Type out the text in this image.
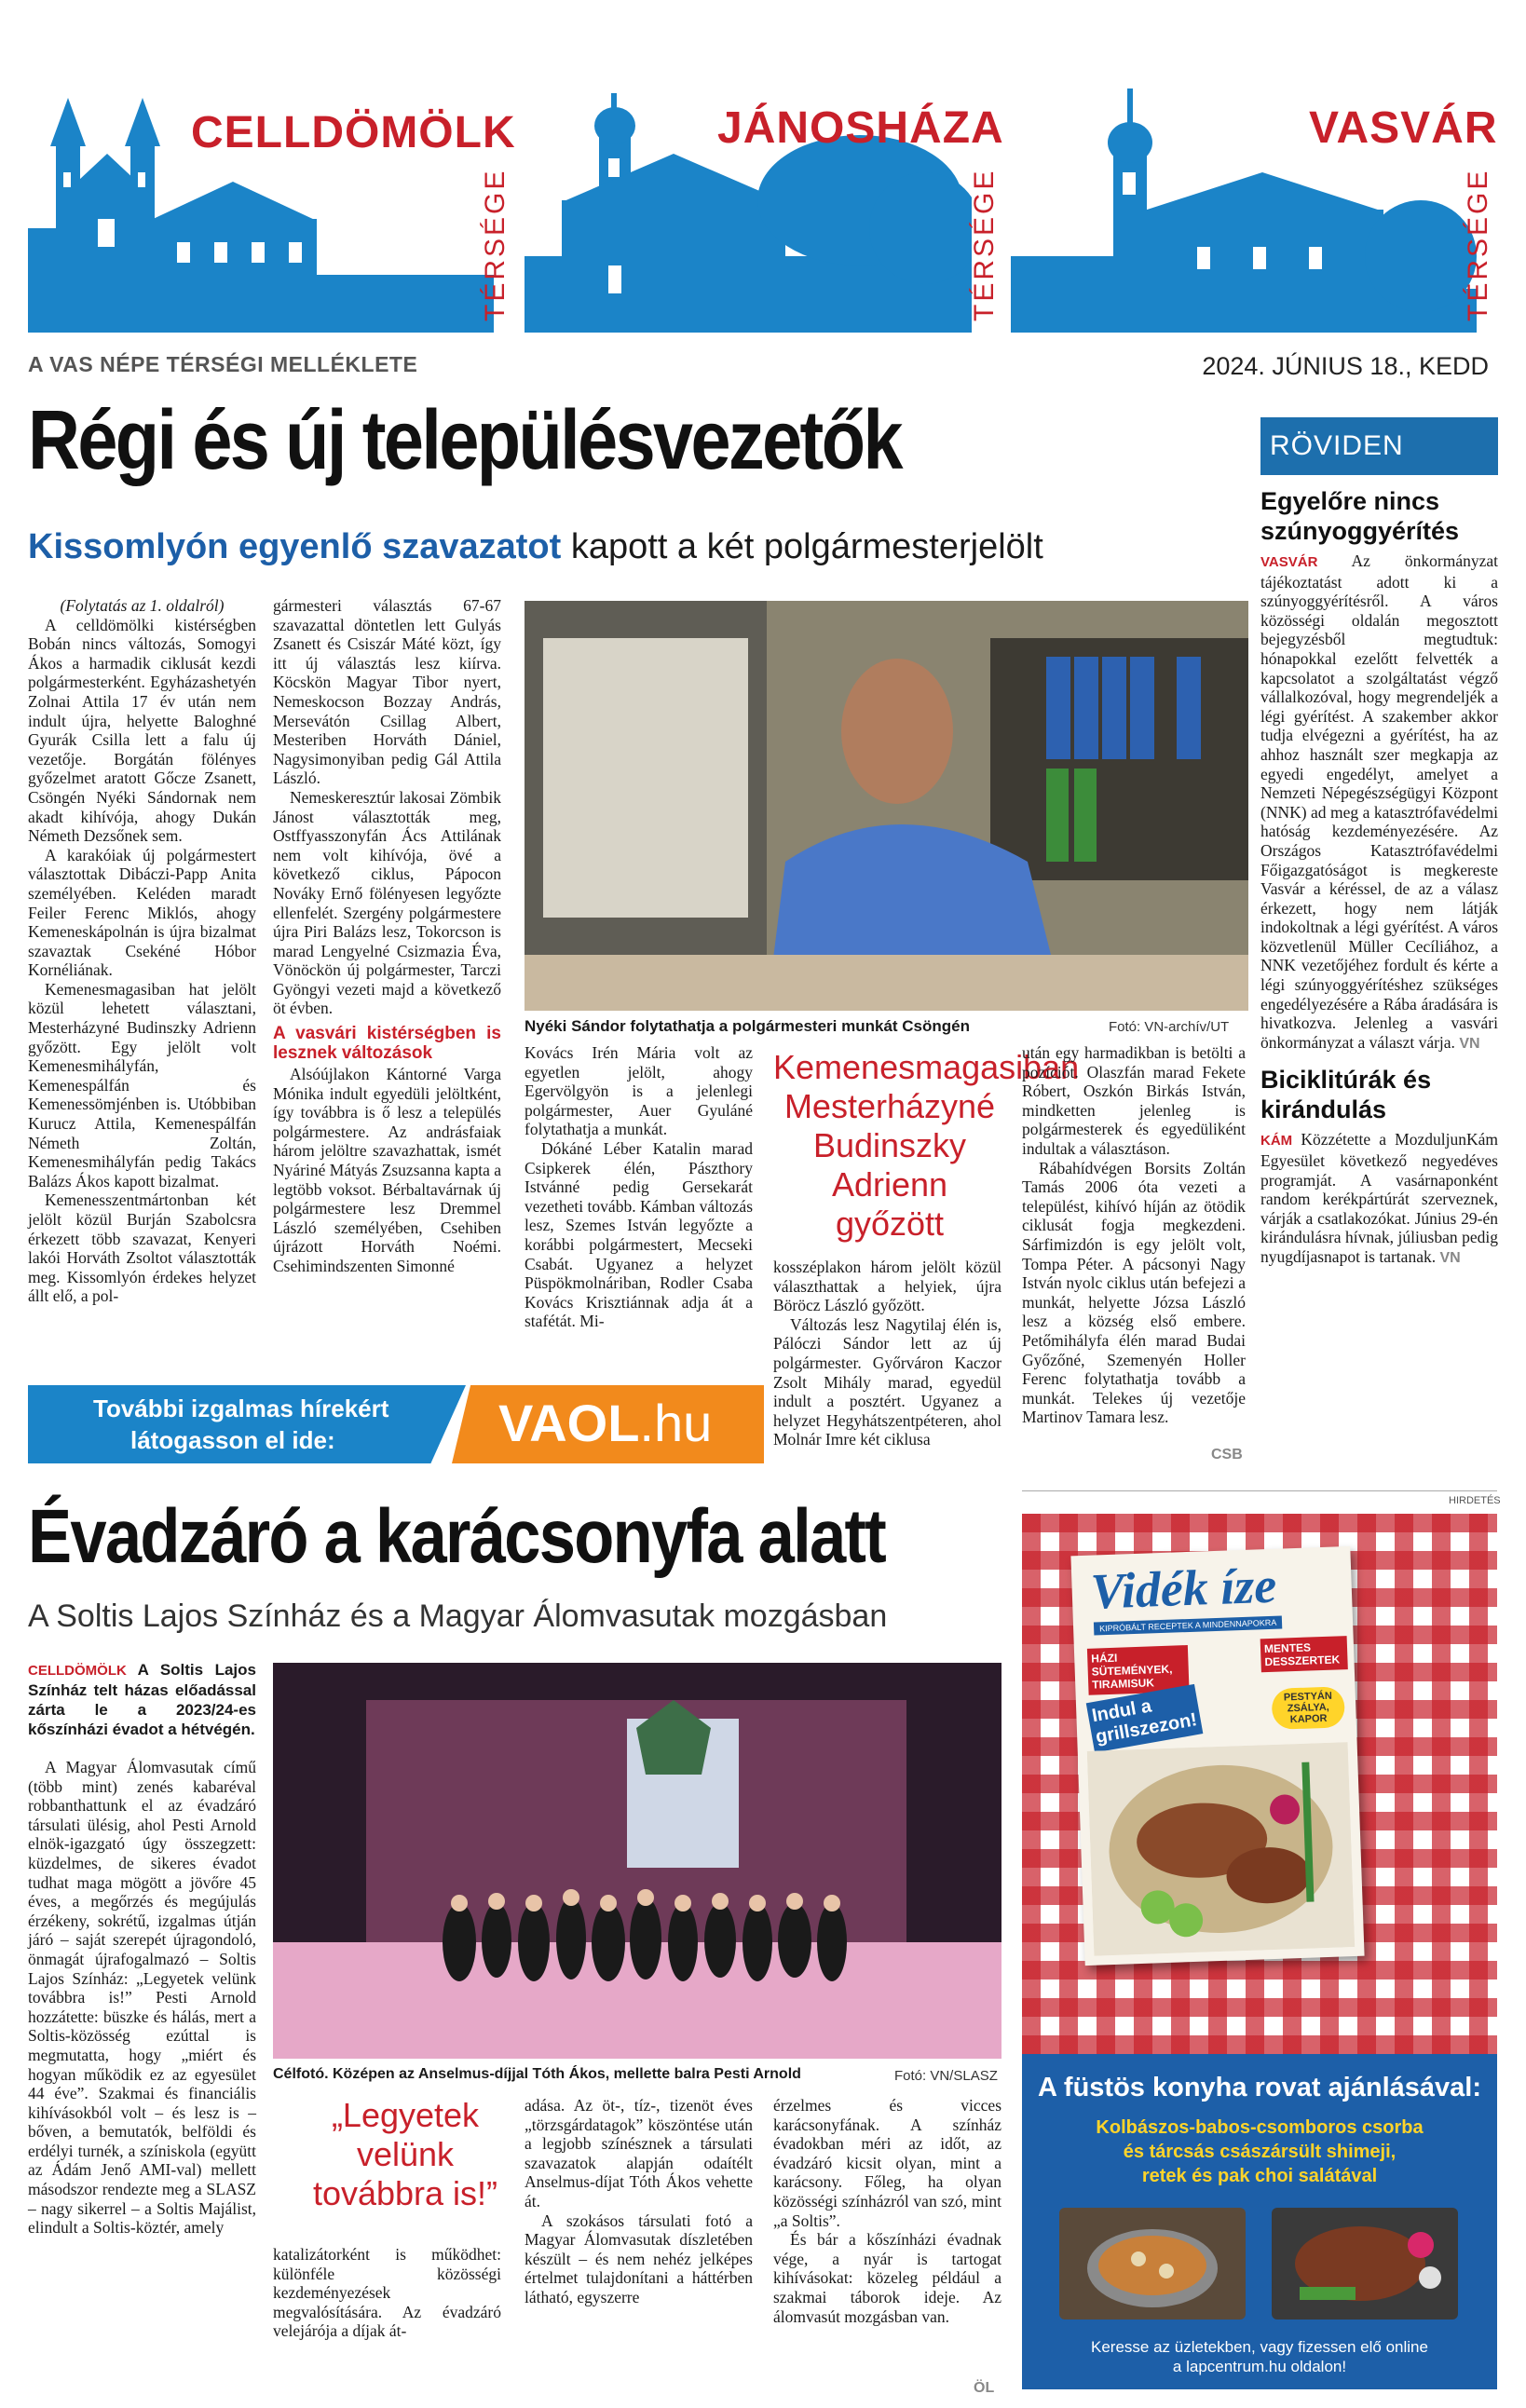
CELLDÖMÖLK
TÉRSÉGE
JÁNOSHÁZA
TÉRSÉGE
VASVÁR
TÉRSÉGE
A VAS NÉPE TÉRSÉGI MELLÉKLETE	2024. JÚNIUS 18., KEDD
Régi és új településvezetők
Kissomlyón egyenlő szavazatot kapott a két polgármesterjelölt

(Folytatás az 1. oldalról)

A celldömölki kistérségben Bobán nincs változás, Somogyi Ákos a harmadik ciklusát kezdi polgármesterként. Egyházashetyén Zolnai Attila 17 év után nem indult újra, helyette Baloghné Gyurák Csilla lett a falu új vezetője. Borgátán fölényes győzelmet aratott Gőcze Zsanett, Csöngén Nyéki Sándornak nem akadt kihívója, ahogy Dukán Németh Dezsőnek sem.

A karakóiak új polgármestert választottak Dibáczi-Papp Anita személyében. Keléden maradt Feiler Ferenc Miklós, ahogy Kemeneskápolnán is újra bizalmat szavaztak Csekéné Hóbor Kornéliának.

Kemenesmagasiban hat jelölt közül lehetett választani, Mesterházyné Budinszky Adrienn győzött. Egy jelölt volt Kemenesmihályfán, Kemenespálfán és Kemenessömjénben is. Utóbbiban Kurucz Attila, Kemenespálfán Németh Zoltán, Kemenesmihályfán pedig Takács Balázs Ákos kapott bizalmat.

Kemenesszentmártonban két jelölt közül Burján Szabolcsra érkezett több szavazat, Kenyeri lakói Horváth Zsoltot választották meg. Kissomlyón érdekes helyzet állt elő, a pol-

gármesteri választás 67-67 szavazattal döntetlen lett Gulyás Zsanett és Csiszár Máté közt, így itt új választás lesz kiírva. Köcskön Magyar Tibor nyert, Nemeskocson Bozzay András, Mersevátón Csillag Albert, Mesteriben Horváth Dániel, Nagysimonyiban pedig Gál Attila László.

Nemeskeresztúr lakosai Zömbik Jánost választották meg, Ostffyasszonyfán Ács Attilának nem volt kihívója, övé a következő ciklus, Pápocon Nováky Ernő fölényesen legyőzte ellenfelét. Szergény polgármestere újra Piri Balázs lesz, Tokorcson is marad Lengyelné Csizmazia Éva, Vönöckön új polgármester, Tarczi Gyöngyi vezeti majd a következő öt évben.

A vasvári kistérségben is lesznek változások

Alsóújlakon Kántorné Varga Mónika indult egyedüli jelöltként, így továbbra is ő lesz a település polgármestere. Az andrásfaiak három jelöltre szavazhattak, ismét Nyáriné Mátyás Zsuzsanna kapta a legtöbb voksot. Bérbaltavárnak új polgármestere lesz Dremmel László személyében, Csehiben újrázott Horváth Noémi. Csehimindszenten Simonné

Nyéki Sándor folytathatja a polgármesteri munkát Csöngén	Fotó: VN-archív/UT

Kovács Irén Mária volt az egyetlen jelölt, ahogy Egervölgyön is a jelenlegi polgármester, Auer Gyuláné folytathatja a munkát.

Dókáné Léber Katalin marad Csipkerek élén, Pászthory Istvánné pedig Gersekarát vezetheti tovább. Kámban változás lesz, Szemes István legyőzte a korábbi polgármestert, Mecseki Csabát. Ugyanez a helyzet Püspökmolnáriban, Rodler Csaba Kovács Krisztiánnak adja át a stafétát. Mi-

Kemenesmagasiban Mesterházyné Budinszky Adrienn győzött

kosszéplakon három jelölt közül választhattak a helyiek, újra Böröcz László győzött.

Változás lesz Nagytilaj élén is, Pálóczi Sándor lett az új polgármester. Győrváron Kaczor Zsolt Mihály marad, egyedül indult a posztért. Ugyanez a helyzet Hegyhátszentpéteren, ahol Molnár Imre két ciklusa

után egy harmadikban is betölti a pozíciót. Olaszfán marad Fekete Róbert, Oszkón Birkás István, mindketten jelenleg is polgármesterek és egyedüliként indultak a választáson.

Rábahídvégen Borsits Zoltán Tamás 2006 óta vezeti a települést, kihívó híján az ötödik ciklusát fogja megkezdeni. Sárfimizdón is egy jelölt volt, Tompa Péter. A pácsonyi Nagy István nyolc ciklus után befejezi a munkát, helyette Józsa László lesz a község első embere. Petőmihályfa élén marad Budai Győzőné, Szemenyén Holler Ferenc folytathatja tovább a munkát. Telekes új vezetője Martinov Tamara lesz.

CSB
További izgalmas hírekért
látogasson el ide:	VAOL.hu
RÖVIDEN
Egyelőre nincs szúnyoggyérítés
VASVÁR Az önkormányzat tájékoztatást adott ki a szúnyoggyérítésről. A város közösségi oldalán megosztott bejegyzésből megtudtuk: hónapokkal ezelőtt felvették a kapcsolatot a szolgáltatást végző vállalkozóval, hogy megrendeljék a légi gyérítést. A szakember akkor tudja elvégezni a gyérítést, ha az ahhoz használt szer megkapja az egyedi engedélyt, amelyet a Nemzeti Népegészségügyi Központ (NNK) ad meg a katasztrófavédelmi hatóság kezdeményezésére. Az Országos Katasztrófavédelmi Főigazgatóságot is megkereste Vasvár a kéréssel, de az a válasz érkezett, hogy nem látják indokoltnak a légi gyérítést. A város közvetlenül Müller Cecíliához, a NNK vezetőjéhez fordult és kérte a légi szúnyoggyérítéshez szükséges engedélyezésére a Rába áradására is hivatkozva. Jelenleg a vasvári önkormányzat a választ várja. VN
Biciklitúrák és kirándulás
KÁM Közzétette a MozduljunKám Egyesület következő negyedéves programját. A vasárnaponként random kerékpártúrát szerveznek, várják a csatlakozókat. Június 29-én kirándulásra hívnak, júliusban pedig nyugdíjasnapot is tartanak. VN
Évadzáró a karácsonyfa alatt
A Soltis Lajos Színház és a Magyar Álomvasutak mozgásban

CELLDÖMÖLK A Soltis Lajos Színház telt házas előadással zárta le a 2023/24-es kőszínházi évadot a hétvégén.

A Magyar Álomvasutak című (több mint) zenés kabaréval robbanthattunk el az évadzáró társulati ülésig, ahol Pesti Arnold elnök-igazgató úgy összegzett: küzdelmes, de sikeres évadot tudhat maga mögött a jövőre 45 éves, a megőrzés és megújulás érzékeny, sokrétű, izgalmas útján járó – saját szerepét újragondoló, önmagát újrafogalmazó – Soltis Lajos Színház: „Legyetek velünk továbbra is!” Pesti Arnold hozzátette: büszke és hálás, mert a Soltis-közösség ezúttal is megmutatta, hogy „miért és hogyan működik ez az egyesület 44 éve”. Szakmai és financiális kihívásokból volt – és lesz is – bőven, a bemutatók, belföldi és erdélyi turnék, a színiskola (együtt az Ádám Jenő AMI-val) mellett másodszor rendezte meg a SLASZ – nagy sikerrel – a Soltis Majálist, elindult a Soltis-köztér, amely

Célfotó. Középen az Anselmus-díjjal Tóth Ákos, mellette balra Pesti Arnold	Fotó: VN/SLASZ
„Legyetek velünk továbbra is!”

katalizátorként is működhet: különféle közösségi kezdeményezések megvalósítására. Az évadzáró velejárója a díjak át-

adása. Az öt-, tíz-, tizenöt éves „törzsgárdatagok” köszöntése után a legjobb színésznek a társulati szavazatok alapján odaítélt Anselmus-díjat Tóth Ákos vehette át.

A szokásos társulati fotó a Magyar Álomvasutak díszletében készült – és nem nehéz jelképes értelmet tulajdonítani a háttérben látható, egyszerre

érzelmes és vicces karácsonyfának. A színház évadokban méri az időt, az évadzáró kicsit olyan, mint a karácsony. Főleg, ha olyan közösségi színházról van szó, mint „a Soltis”.

És bár a kőszínházi évadnak vége, a nyár is tartogat kihívásokat: közeleg például a szakmai táborok ideje. Az álomvasút mozgásban van.

ÖL
HIRDETÉS
Vidék íze
KIPRÓBÁLT RECEPTEK A MINDENNAPOKRA
HÁZI SÜTEMÉNYEK, TIRAMISUK
MENTES DESSZERTEK
PESTYÁN ZSÁLYA, KAPOR
Indul a grillszezon!
A füstös konyha rovat ajánlásával:
Kolbászos-babos-csomboros csorba
és tárcsás császársült shimeji,
retek és pak choi salátával
Keresse az üzletekben, vagy fizessen elő online
a lapcentrum.hu oldalon!
